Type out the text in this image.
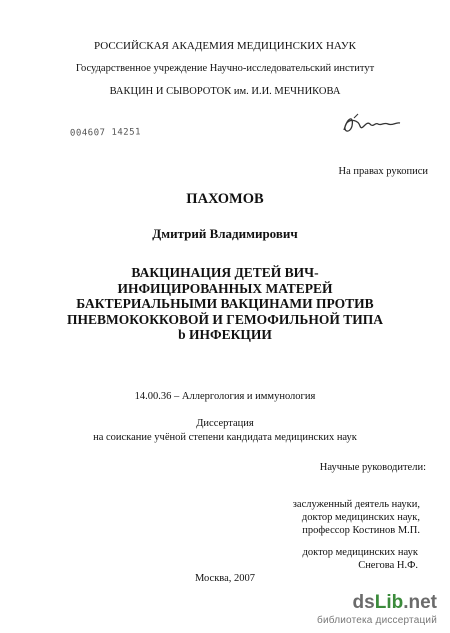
РОССИЙСКАЯ АКАДЕМИЯ МЕДИЦИНСКИХ НАУК
Государственное учреждение Научно-исследовательский институт
ВАКЦИН И СЫВОРОТОК им. И.И. МЕЧНИКОВА
004607 14251
На правах рукописи
ПАХОМОВ
Дмитрий Владимирович
ВАКЦИНАЦИЯ ДЕТЕЙ ВИЧ-
ИНФИЦИРОВАННЫХ МАТЕРЕЙ
БАКТЕРИАЛЬНЫМИ ВАКЦИНАМИ ПРОТИВ
ПНЕВМОКОККОВОЙ И ГЕМОФИЛЬНОЙ ТИПА
b ИНФЕКЦИИ
14.00.36 – Аллергология и иммунология
Диссертация
на соискание учёной степени кандидата медицинских наук
Научные руководители:
заслуженный деятель науки,
доктор медицинских наук,
профессор Костинов М.П.
доктор медицинских наук
Снегова Н.Ф.
Москва, 2007
dsLib.net
библиотека диссертаций
